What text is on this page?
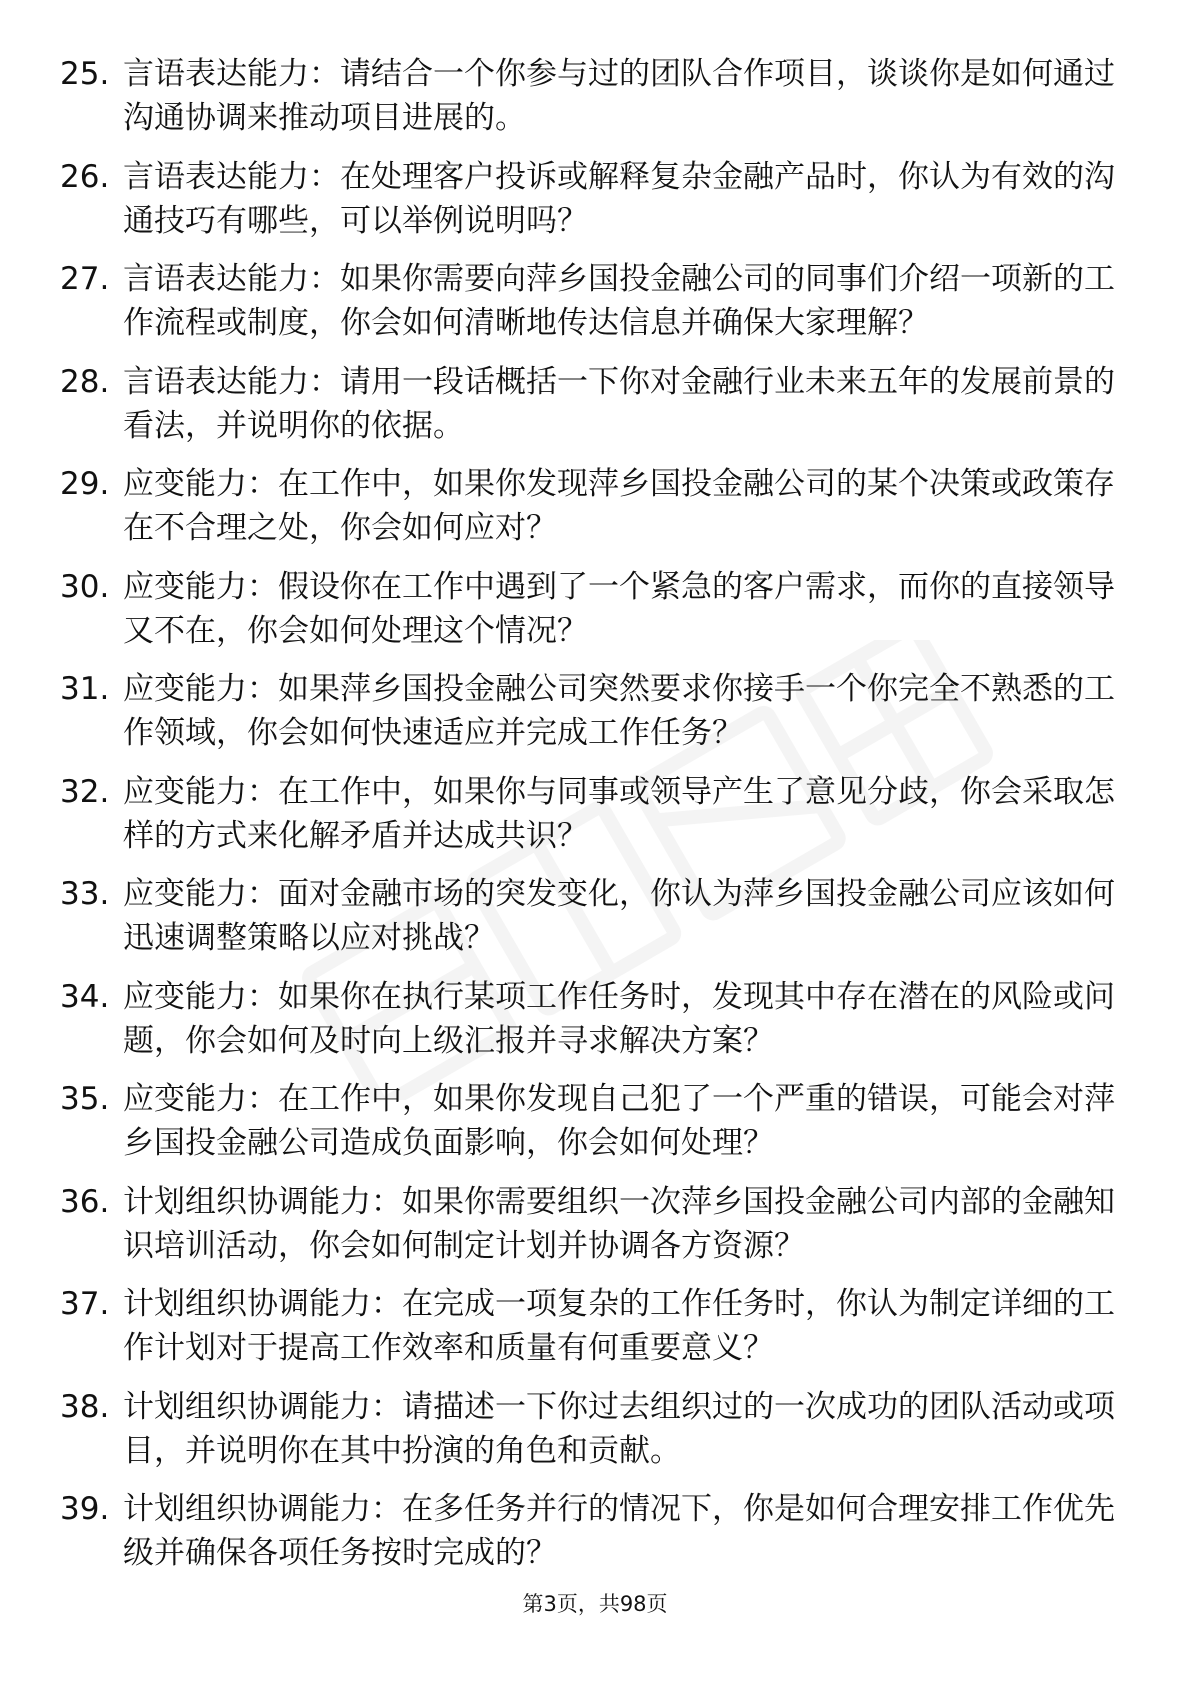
25. 言语表达能力：请结合一个你参与过的团队合作项目，谈谈你是如何通过沟通协调来推动项目进展的。
26. 言语表达能力：在处理客户投诉或解释复杂金融产品时，你认为有效的沟通技巧有哪些，可以举例说明吗？
27. 言语表达能力：如果你需要向萍乡国投金融公司的同事们介绍一项新的工作流程或制度，你会如何清晰地传达信息并确保大家理解？
28. 言语表达能力：请用一段话概括一下你对金融行业未来五年的发展前景的看法，并说明你的依据。
29. 应变能力：在工作中，如果你发现萍乡国投金融公司的某个决策或政策存在不合理之处，你会如何应对？
30. 应变能力：假设你在工作中遇到了一个紧急的客户需求，而你的直接领导又不在，你会如何处理这个情况？
31. 应变能力：如果萍乡国投金融公司突然要求你接手一个你完全不熟悉的工作领域，你会如何快速适应并完成工作任务？
32. 应变能力：在工作中，如果你与同事或领导产生了意见分歧，你会采取怎样的方式来化解矛盾并达成共识？
33. 应变能力：面对金融市场的突发变化，你认为萍乡国投金融公司应该如何迅速调整策略以应对挑战？
34. 应变能力：如果你在执行某项工作任务时，发现其中存在潜在的风险或问题，你会如何及时向上级汇报并寻求解决方案？
35. 应变能力：在工作中，如果你发现自己犯了一个严重的错误，可能会对萍乡国投金融公司造成负面影响，你会如何处理？
36. 计划组织协调能力：如果你需要组织一次萍乡国投金融公司内部的金融知识培训活动，你会如何制定计划并协调各方资源？
37. 计划组织协调能力：在完成一项复杂的工作任务时，你认为制定详细的工作计划对于提高工作效率和质量有何重要意义？
38. 计划组织协调能力：请描述一下你过去组织过的一次成功的团队活动或项目，并说明你在其中扮演的角色和贡献。
39. 计划组织协调能力：在多任务并行的情况下，你是如何合理安排工作优先级并确保各项任务按时完成的？
第3页，共98页
